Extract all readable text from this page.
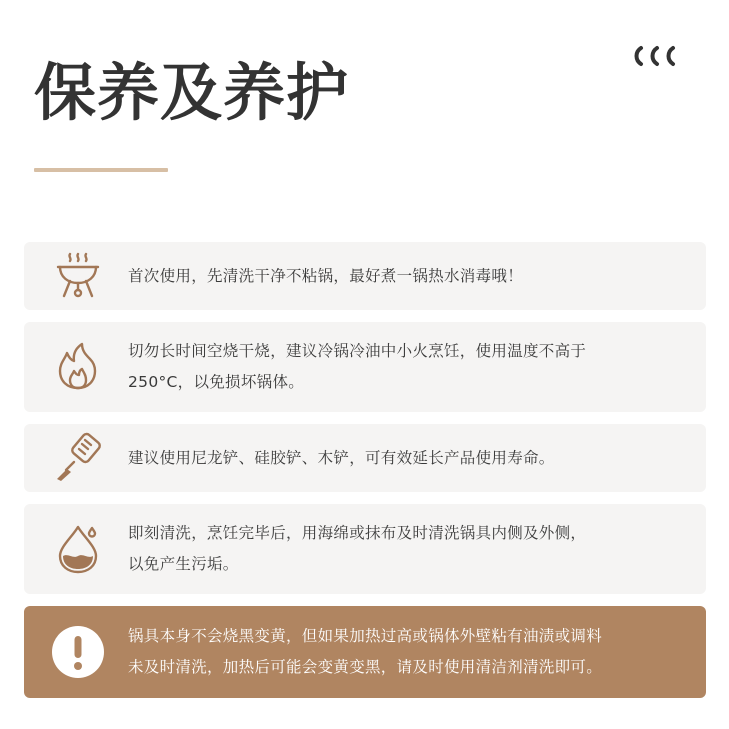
保养及养护
首次使用，先清洗干净不粘锅，最好煮一锅热水消毒哦！
切勿长时间空烧干烧，建议冷锅冷油中小火烹饪，使用温度不高于
250°C，以免损坏锅体。
建议使用尼龙铲、硅胶铲、木铲，可有效延长产品使用寿命。
即刻清洗，烹饪完毕后，用海绵或抹布及时清洗锅具内侧及外侧，
以免产生污垢。
锅具本身不会烧黑变黄，但如果加热过高或锅体外壁粘有油渍或调料
未及时清洗，加热后可能会变黄变黑，请及时使用清洁剂清洗即可。
